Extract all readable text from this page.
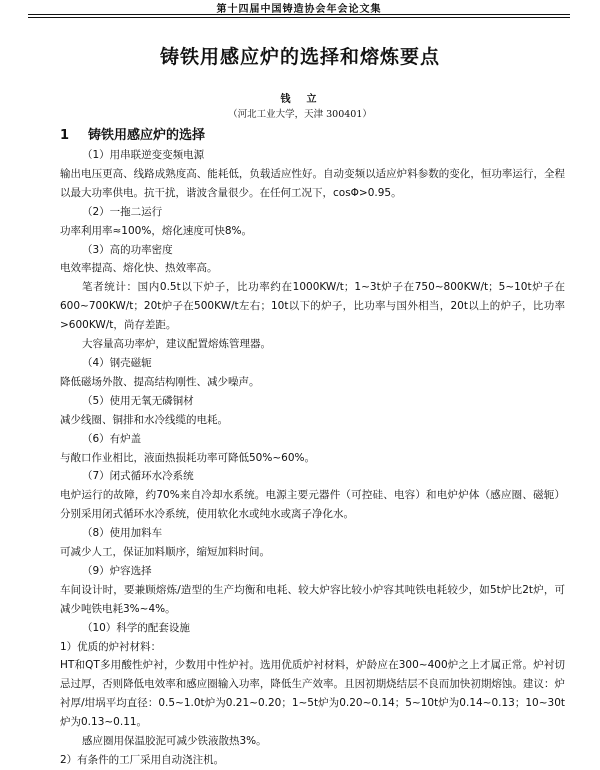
第十四届中国铸造协会年会论文集
铸铁用感应炉的选择和熔炼要点
钱　立
（河北工业大学，天津 300401）
1 铸铁用感应炉的选择

（1）用串联逆变变频电源

输出电压更高、线路成熟度高、能耗低，负载适应性好。自动变频以适应炉料参数的变化，恒功率运行，全程以最大功率供电。抗干扰，谐波含量很少。在任何工况下，cosΦ>0.95。

（2）一拖二运行

功率利用率≈100%，熔化速度可快8%。

（3）高的功率密度

电效率提高、熔化快、热效率高。

笔者统计：国内0.5t以下炉子，比功率约在1000KW/t；1~3t炉子在750~800KW/t；5~10t炉子在600~700KW/t；20t炉子在500KW/t左右；10t以下的炉子，比功率与国外相当，20t以上的炉子，比功率>600KW/t，尚存差距。

大容量高功率炉，建议配置熔炼管理器。

（4）钢壳磁轭

降低磁场外散、提高结构刚性、减少噪声。

（5）使用无氧无磷铜材

减少线圈、铜排和水冷线缆的电耗。

（6）有炉盖

与敞口作业相比，液面热损耗功率可降低50%~60%。

（7）闭式循环水冷系统

电炉运行的故障，约70%来自冷却水系统。电源主要元器件（可控硅、电容）和电炉炉体（感应圈、磁轭）分别采用闭式循环水冷系统，使用软化水或纯水或离子净化水。

（8）使用加料车

可减少人工，保证加料顺序，缩短加料时间。

（9）炉容选择

车间设计时，要兼顾熔炼/造型的生产均衡和电耗、较大炉容比较小炉容其吨铁电耗较少，如5t炉比2t炉，可减少吨铁电耗3%~4%。

（10）科学的配套设施

1）优质的炉衬材料：

HT和QT多用酸性炉衬，少数用中性炉衬。选用优质炉衬材料，炉龄应在300~400炉之上才属正常。炉衬切忌过厚，否则降低电效率和感应圈输入功率，降低生产效率。且因初期烧结层不良而加快初期熔蚀。建议：炉衬厚/坩埚平均直径：0.5~1.0t炉为0.21~0.20；1~5t炉为0.20~0.14；5~10t炉为0.14~0.13；10~30t炉为0.13~0.11。

感应圈用保温胶泥可减少铁液散热3%。

2）有条件的工厂采用自动浇注机。
